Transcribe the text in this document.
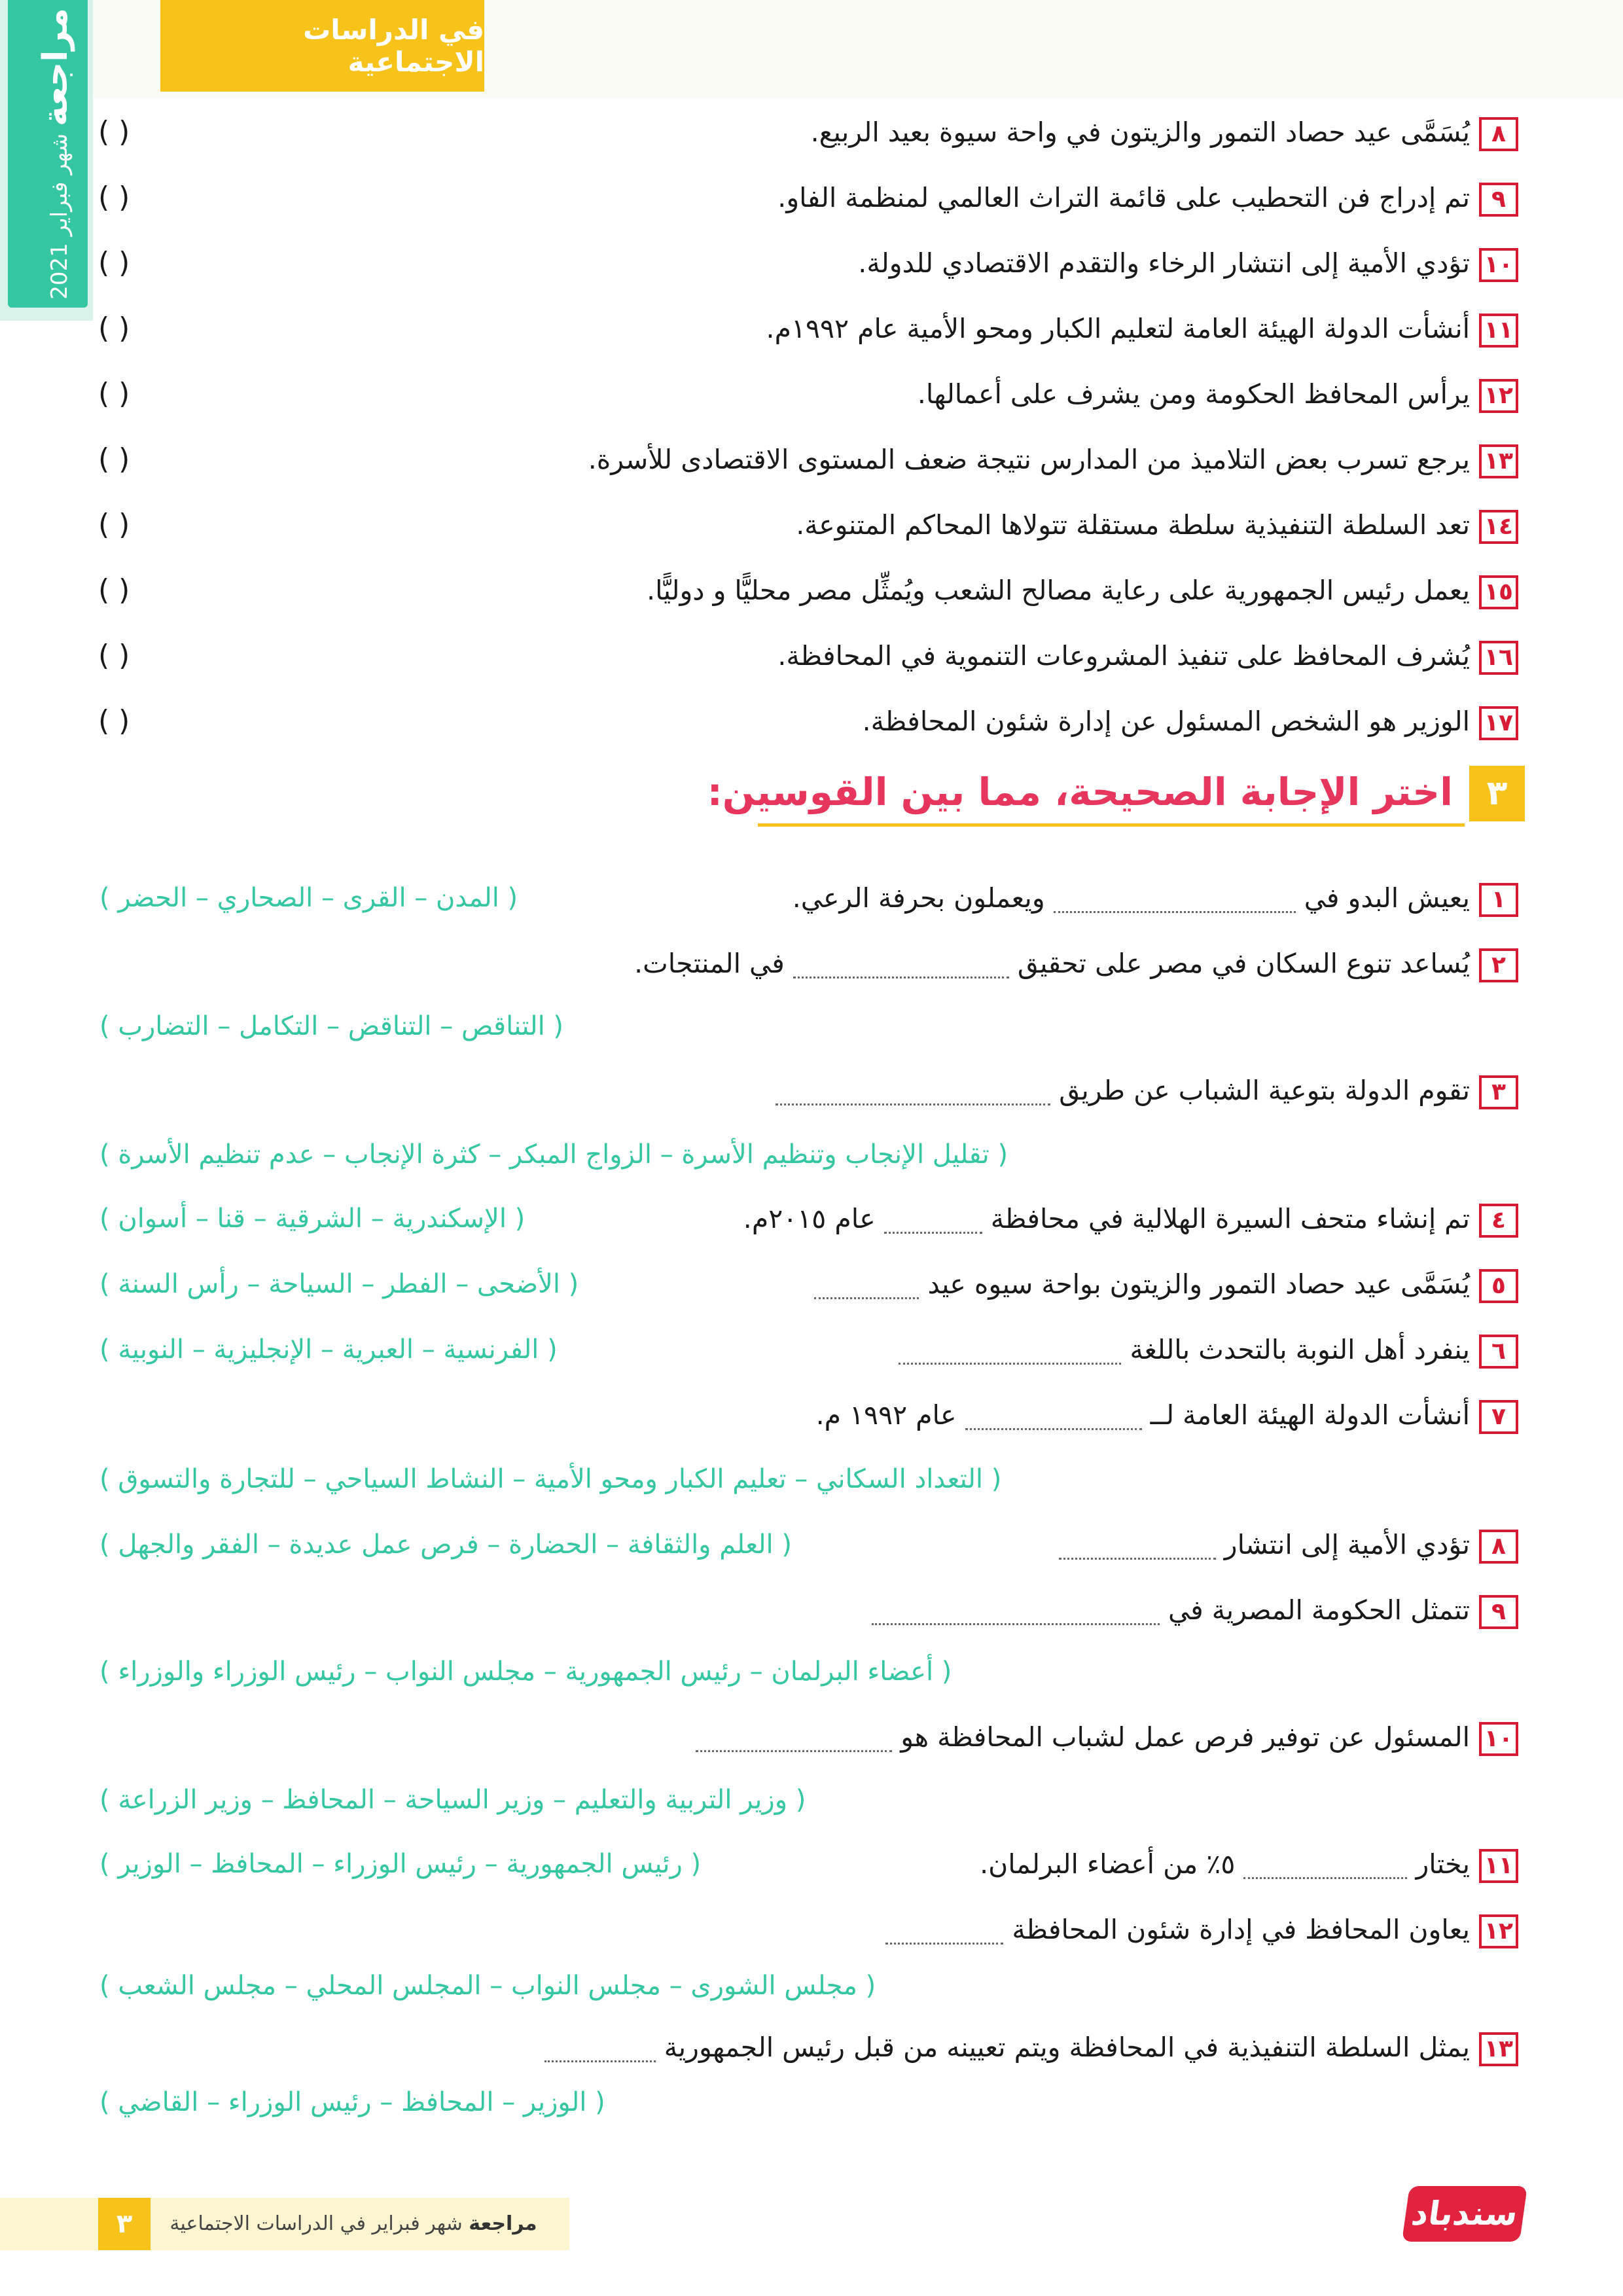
في الدراسات الاجتماعية
مراجعة شهر فبراير 2021	٨يُسَمَّى عيد حصاد التمور والزيتون في واحة سيوة بعيد الربيع.
( )
٩تم إدراج فن التحطيب على قائمة التراث العالمي لمنظمة الفاو.
( )
١٠تؤدي الأمية إلى انتشار الرخاء والتقدم الاقتصادي للدولة.
( )
١١أنشأت الدولة الهيئة العامة لتعليم الكبار ومحو الأمية عام ١٩٩٢م.
( )
١٢يرأس المحافظ الحكومة ومن يشرف على أعمالها.
( )
١٣يرجع تسرب بعض التلاميذ من المدارس نتيجة ضعف المستوى الاقتصادى للأسرة.
( )
١٤تعد السلطة التنفيذية سلطة مستقلة تتولاها المحاكم المتنوعة.
( )
١٥يعمل رئيس الجمهورية على رعاية مصالح الشعب ويُمثِّل مصر محليًّا و دوليًّا.
( )
١٦يُشرف المحافظ على تنفيذ المشروعات التنموية في المحافظة.
( )
١٧الوزير هو الشخص المسئول عن إدارة شئون المحافظة.
( )
٣
اختر الإجابة الصحيحة، مما بين القوسين:
١يعيش البدو في  ويعملون بحرفة الرعي.
( المدن – القرى – الصحاري – الحضر )
٢يُساعد تنوع السكان في مصر على تحقيق  في المنتجات.
( التناقص – التناقض – التكامل – التضارب )
٣تقوم الدولة بتوعية الشباب عن طريق
( تقليل الإنجاب وتنظيم الأسرة – الزواج المبكر – كثرة الإنجاب – عدم تنظيم الأسرة )
٤تم إنشاء متحف السيرة الهلالية في محافظة  عام ٢٠١٥م.
( الإسكندرية – الشرقية – قنا – أسوان )
٥يُسَمَّى عيد حصاد التمور والزيتون بواحة سيوه عيد
( الأضحى – الفطر – السياحة – رأس السنة )
٦ينفرد أهل النوبة بالتحدث باللغة
( الفرنسية – العبرية – الإنجليزية – النوبية )
٧أنشأت الدولة الهيئة العامة لــ  عام ١٩٩٢ م.
( التعداد السكاني – تعليم الكبار ومحو الأمية – النشاط السياحي – للتجارة والتسوق )
٨تؤدي الأمية إلى انتشار
( العلم والثقافة – الحضارة – فرص عمل عديدة – الفقر والجهل )
٩تتمثل الحكومة المصرية في
( أعضاء البرلمان – رئيس الجمهورية – مجلس النواب – رئيس الوزراء والوزراء )
١٠المسئول عن توفير فرص عمل لشباب المحافظة هو
( وزير التربية والتعليم – وزير السياحة – المحافظ – وزير الزراعة )
١١يختار  ٥٪ من أعضاء البرلمان.
( رئيس الجمهورية – رئيس الوزراء – المحافظ – الوزير )
١٢يعاون المحافظ في إدارة شئون المحافظة
( مجلس الشورى – مجلس النواب – المجلس المحلي – مجلس الشعب )
١٣يمثل السلطة التنفيذية في المحافظة ويتم تعيينه من قبل رئيس الجمهورية
( الوزير – المحافظ – رئيس الوزراء – القاضي )
٣	مراجعة شهر فبراير في الدراسات الاجتماعية	سندباد
